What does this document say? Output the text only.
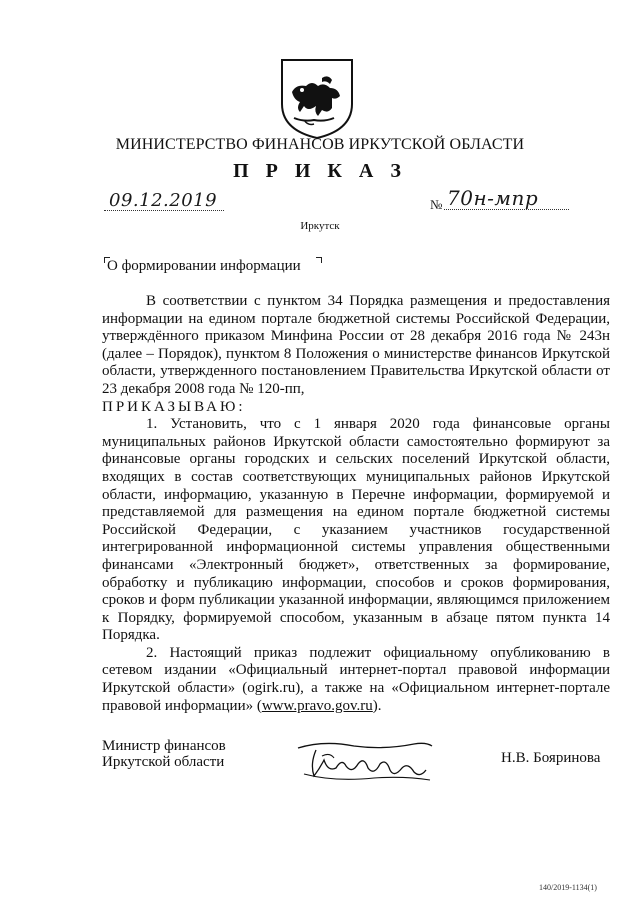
МИНИСТЕРСТВО ФИНАНСОВ ИРКУТСКОЙ ОБЛАСТИ
П Р И К А З
09.12.2019	№ 70н-мпр
Иркутск
О формировании информации

В соответствии с пунктом 34 Порядка размещения и предоставления информации на едином портале бюджетной системы Российской Федерации, утверждённого приказом Минфина России от 28 декабря 2016 года № 243н (далее – Порядок), пунктом 8 Положения о министерстве финансов Иркутской области, утвержденного постановлением Правительства Иркутской области от 23 декабря 2008 года № 120-пп,

ПРИКАЗЫВАЮ:

1. Установить, что с 1 января 2020 года финансовые органы муниципальных районов Иркутской области самостоятельно формируют за финансовые органы городских и сельских поселений Иркутской области, входящих в состав соответствующих муниципальных районов Иркутской области, информацию, указанную в Перечне информации, формируемой и представляемой для размещения на едином портале бюджетной системы Российской Федерации, с указанием участников государственной интегрированной информационной системы управления общественными финансами «Электронный бюджет», ответственных за формирование, обработку и публикацию информации, способов и сроков формирования, сроков и форм публикации указанной информации, являющимся приложением к Порядку, формируемой способом, указанным в абзаце пятом пункта 14 Порядка.

2. Настоящий приказ подлежит официальному опубликованию в сетевом издании «Официальный интернет-портал правовой информации Иркутской области» (ogirk.ru), а также на «Официальном интернет-портале правовой информации» (www.pravo.gov.ru).

Министр финансов
Иркутской области	Н.В. Бояринова
140/2019-1134(1)
